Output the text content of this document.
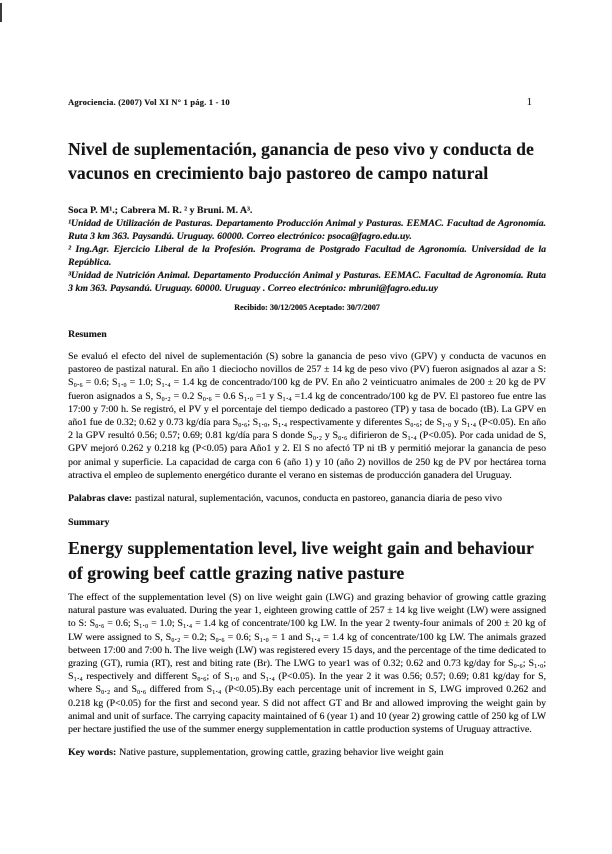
Agrociencia. (2007) Vol XI N° 1 pág. 1 - 10	1
Nivel de suplementación, ganancia de peso vivo y conducta de vacunos en crecimiento bajo pastoreo de campo natural

Soca P. M¹.; Cabrera M. R. ² y Bruni. M. A³.

¹Unidad de Utilización de Pasturas. Departamento Producción Animal y Pasturas. EEMAC. Facultad de Agronomía. Ruta 3 km 363. Paysandú. Uruguay. 60000. Correo electrónico: psoca@fagro.edu.uy.

² Ing.Agr. Ejercicio Liberal de la Profesión. Programa de Postgrado Facultad de Agronomía. Universidad de la República.

³Unidad de Nutrición Animal. Departamento Producción Animal y Pasturas. EEMAC. Facultad de Agronomía. Ruta 3 km 363. Paysandú. Uruguay. 60000. Uruguay . Correo electrónico: mbruni@fagro.edu.uy

Recibido: 30/12/2005 Aceptado: 30/7/2007

Resumen

Se evaluó el efecto del nivel de suplementación (S) sobre la ganancia de peso vivo (GPV) y conducta de vacunos en pastoreo de pastizal natural. En año 1 dieciocho novillos de 257 ± 14 kg de peso vivo (PV) fueron asignados al azar a S: S₀.₆ = 0.6; S₁.₀ = 1.0; S₁.₄ = 1.4 kg de concentrado/100 kg de PV. En año 2 veinticuatro animales de 200 ± 20 kg de PV fueron asignados a S, S₀.₂ = 0.2 S₀.₆ = 0.6 S₁.₀ =1 y S₁.₄ =1.4 kg de concentrado/100 kg de PV. El pastoreo fue entre las 17:00 y 7:00 h. Se registró, el PV y el porcentaje del tiempo dedicado a pastoreo (TP) y tasa de bocado (tB). La GPV en año1 fue de 0.32; 0.62 y 0.73 kg/día para S₀.₆; S₁.₀, S₁.₄ respectivamente y diferentes S₀.₆; de S₁.₀ y S₁.₄ (P<0.05). En año 2 la GPV resultó 0.56; 0.57; 0.69; 0.81 kg/día para S donde S₀.₂ y S₀.₆ difirieron de S₁.₄ (P<0.05). Por cada unidad de S, GPV mejoró 0.262 y 0.218 kg (P<0.05) para Año1 y 2. El S no afectó TP ni tB y permitió mejorar la ganancia de peso por animal y superficie. La capacidad de carga con 6 (año 1) y 10 (año 2) novillos de 250 kg de PV por hectárea torna atractiva el empleo de suplemento energético durante el verano en sistemas de producción ganadera del Uruguay.

Palabras clave: pastizal natural, suplementación, vacunos, conducta en pastoreo, ganancia diaria de peso vivo

Summary
Energy supplementation level, live weight gain and behaviour of growing beef cattle grazing native pasture

The effect of the supplementation level (S) on live weight gain (LWG) and grazing behavior of growing cattle grazing natural pasture was evaluated. During the year 1, eighteen growing cattle of 257 ± 14 kg live weight (LW) were assigned to S: S₀.₆ = 0.6; S₁.₀ = 1.0; S₁.₄ = 1.4 kg of concentrate/100 kg LW. In the year 2 twenty-four animals of 200 ± 20 kg of LW were assigned to S, S₀.₂ = 0.2; S₀.₆ = 0.6; S₁.₀ = 1 and S₁.₄ = 1.4 kg of concentrate/100 kg LW. The animals grazed between 17:00 and 7:00 h. The live weigh (LW) was registered every 15 days, and the percentage of the time dedicated to grazing (GT), rumia (RT), rest and biting rate (Br). The LWG to year1 was of 0.32; 0.62 and 0.73 kg/day for S₀.₆; S₁.₀; S₁.₄ respectively and different S₀.₆; of S₁.₀ and S₁.₄ (P<0.05). In the year 2 it was 0.56; 0.57; 0.69; 0.81 kg/day for S, where S₀.₂ and S₀.₆ differed from S₁.₄ (P<0.05).By each percentage unit of increment in S, LWG improved 0.262 and 0.218 kg (P<0.05) for the first and second year. S did not affect GT and Br and allowed improving the weight gain by animal and unit of surface. The carrying capacity maintained of 6 (year 1) and 10 (year 2) growing cattle of 250 kg of LW per hectare justified the use of the summer energy supplementation in cattle production systems of Uruguay attractive.

Key words: Native pasture, supplementation, growing cattle, grazing behavior live weight gain
